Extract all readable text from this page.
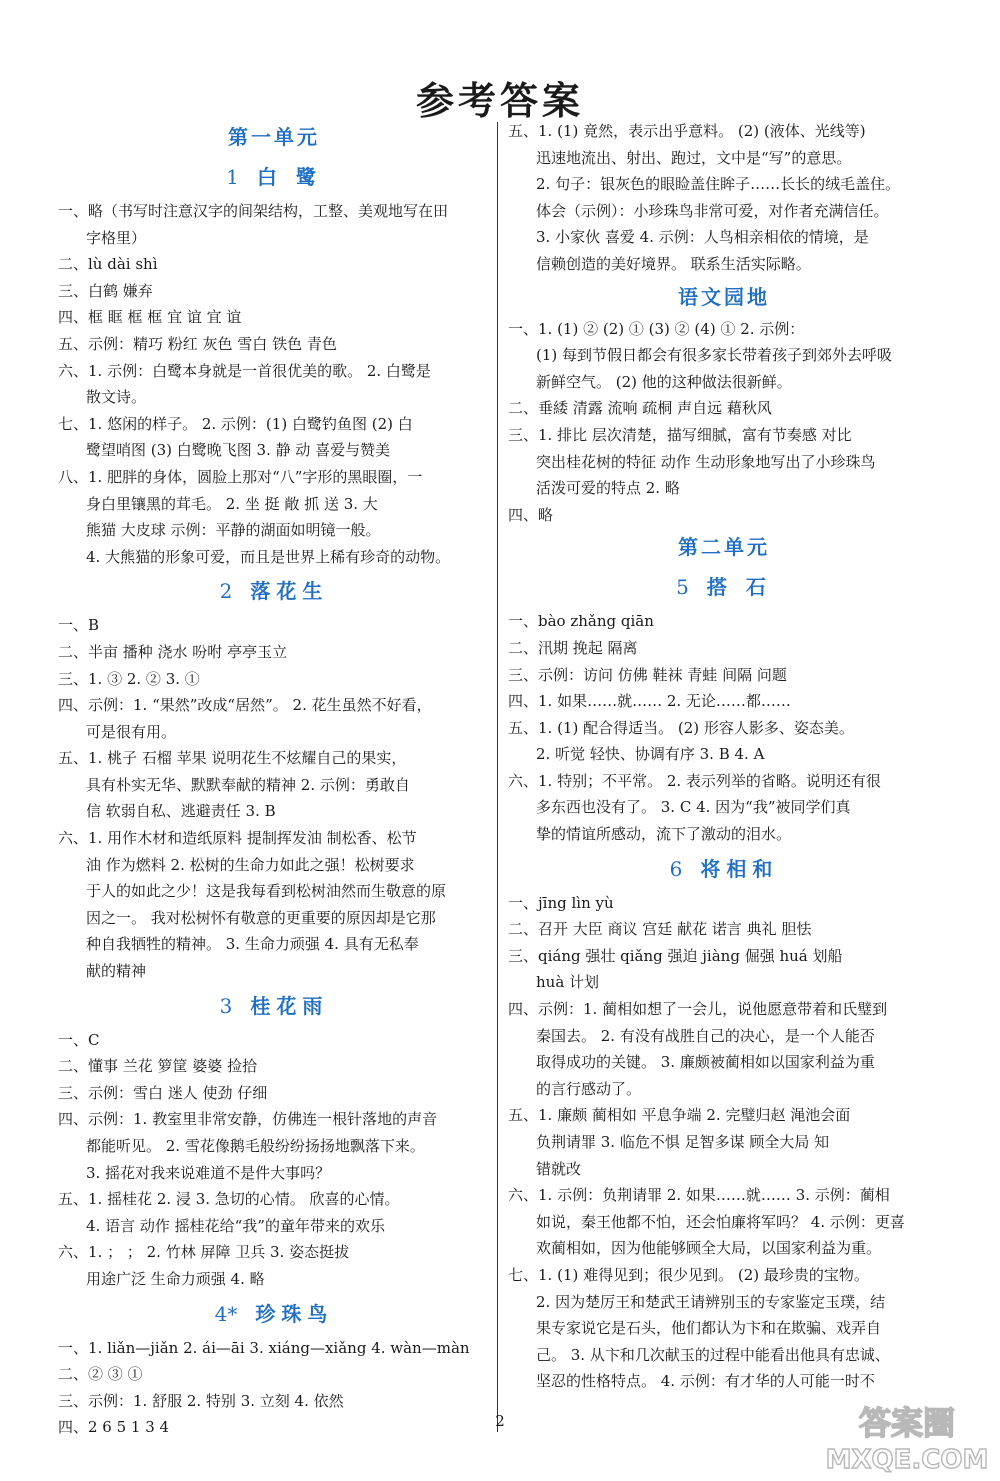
参考答案
第一单元
1 白 鹭
一、略（书写时注意汉字的间架结构，工整、美观地写在田
字格里）
二、lù dài shì
三、白鹤 嫌弃
四、框 眶 框 框 宜 谊 宜 谊
五、示例：精巧 粉红 灰色 雪白 铁色 青色
六、1. 示例：白鹭本身就是一首很优美的歌。 2. 白鹭是
散文诗。
七、1. 悠闲的样子。 2. 示例：(1) 白鹭钓鱼图 (2) 白
鹭望哨图 (3) 白鹭晚飞图 3. 静 动 喜爱与赞美
八、1. 肥胖的身体，圆脸上那对“八”字形的黑眼圈，一
身白里镶黑的茸毛。 2. 坐 挺 敞 抓 送 3. 大
熊猫 大皮球 示例：平静的湖面如明镜一般。
4. 大熊猫的形象可爱，而且是世界上稀有珍奇的动物。
2 落花生
一、B
二、半亩 播种 浇水 吩咐 亭亭玉立
三、1. ③ 2. ② 3. ①
四、示例：1. “果然”改成“居然”。 2. 花生虽然不好看，
可是很有用。
五、1. 桃子 石榴 苹果 说明花生不炫耀自己的果实，
具有朴实无华、默默奉献的精神 2. 示例：勇敢自
信 软弱自私、逃避责任 3. B
六、1. 用作木材和造纸原料 提制挥发油 制松香、松节
油 作为燃料 2. 松树的生命力如此之强！松树要求
于人的如此之少！这是我每看到松树油然而生敬意的原
因之一。 我对松树怀有敬意的更重要的原因却是它那
种自我牺牲的精神。 3. 生命力顽强 4. 具有无私奉
献的精神
3 桂花雨
一、C
二、懂事 兰花 箩筐 婆婆 捡拾
三、示例：雪白 迷人 使劲 仔细
四、示例：1. 教室里非常安静，仿佛连一根针落地的声音
都能听见。 2. 雪花像鹅毛般纷纷扬扬地飘落下来。
3. 摇花对我来说难道不是件大事吗？
五、1. 摇桂花 2. 浸 3. 急切的心情。 欣喜的心情。
4. 语言 动作 摇桂花给“我”的童年带来的欢乐
六、1. ； ； 2. 竹林 屏障 卫兵 3. 姿态挺拔
用途广泛 生命力顽强 4. 略
4* 珍珠鸟
一、1. liǎn—jiǎn 2. ái—āi 3. xiáng—xiǎng 4. wàn—màn
二、② ③ ①
三、示例：1. 舒服 2. 特别 3. 立刻 4. 依然
四、2 6 5 1 3 4
五、1. (1) 竟然，表示出乎意料。 (2) (液体、光线等)
迅速地流出、射出、跑过，文中是“写”的意思。
2. 句子：银灰色的眼睑盖住眸子……长长的绒毛盖住。
体会（示例）：小珍珠鸟非常可爱，对作者充满信任。
3. 小家伙 喜爱 4. 示例：人鸟相亲相依的情境，是
信赖创造的美好境界。 联系生活实际略。
语文园地
一、1. (1) ② (2) ① (3) ② (4) ① 2. 示例：
(1) 每到节假日都会有很多家长带着孩子到郊外去呼吸
新鲜空气。 (2) 他的这种做法很新鲜。
二、垂緌 清露 流响 疏桐 声自远 藉秋风
三、1. 排比 层次清楚，描写细腻，富有节奏感 对比
突出桂花树的特征 动作 生动形象地写出了小珍珠鸟
活泼可爱的特点 2. 略
四、略
第二单元
5 搭 石
一、bào zhǎng qiān
二、汛期 挽起 隔离
三、示例：访问 仿佛 鞋袜 青蛙 间隔 问题
四、1. 如果……就…… 2. 无论……都……
五、1. (1) 配合得适当。 (2) 形容人影多、姿态美。
2. 听觉 轻快、协调有序 3. B 4. A
六、1. 特别；不平常。 2. 表示列举的省略。说明还有很
多东西也没有了。 3. C 4. 因为“我”被同学们真
挚的情谊所感动，流下了激动的泪水。
6 将相和
一、jīng lìn yù
二、召开 大臣 商议 宫廷 献花 诺言 典礼 胆怯
三、qiáng 强壮 qiǎng 强迫 jiàng 倔强 huá 划船
huà 计划
四、示例：1. 蔺相如想了一会儿，说他愿意带着和氏璧到
秦国去。 2. 有没有战胜自己的决心，是一个人能否
取得成功的关键。 3. 廉颇被蔺相如以国家利益为重
的言行感动了。
五、1. 廉颇 蔺相如 平息争端 2. 完璧归赵 渑池会面
负荆请罪 3. 临危不惧 足智多谋 顾全大局 知
错就改
六、1. 示例：负荆请罪 2. 如果……就…… 3. 示例：蔺相
如说，秦王他都不怕，还会怕廉将军吗？ 4. 示例：更喜
欢蔺相如，因为他能够顾全大局，以国家利益为重。
七、1. (1) 难得见到；很少见到。 (2) 最珍贵的宝物。
2. 因为楚厉王和楚武王请辨别玉的专家鉴定玉璞，结
果专家说它是石头，他们都认为卞和在欺骗、戏弄自
己。 3. 从卞和几次献玉的过程中能看出他具有忠诚、
坚忍的性格特点。 4. 示例：有才华的人可能一时不
2	答案圈
MXQE.COM
